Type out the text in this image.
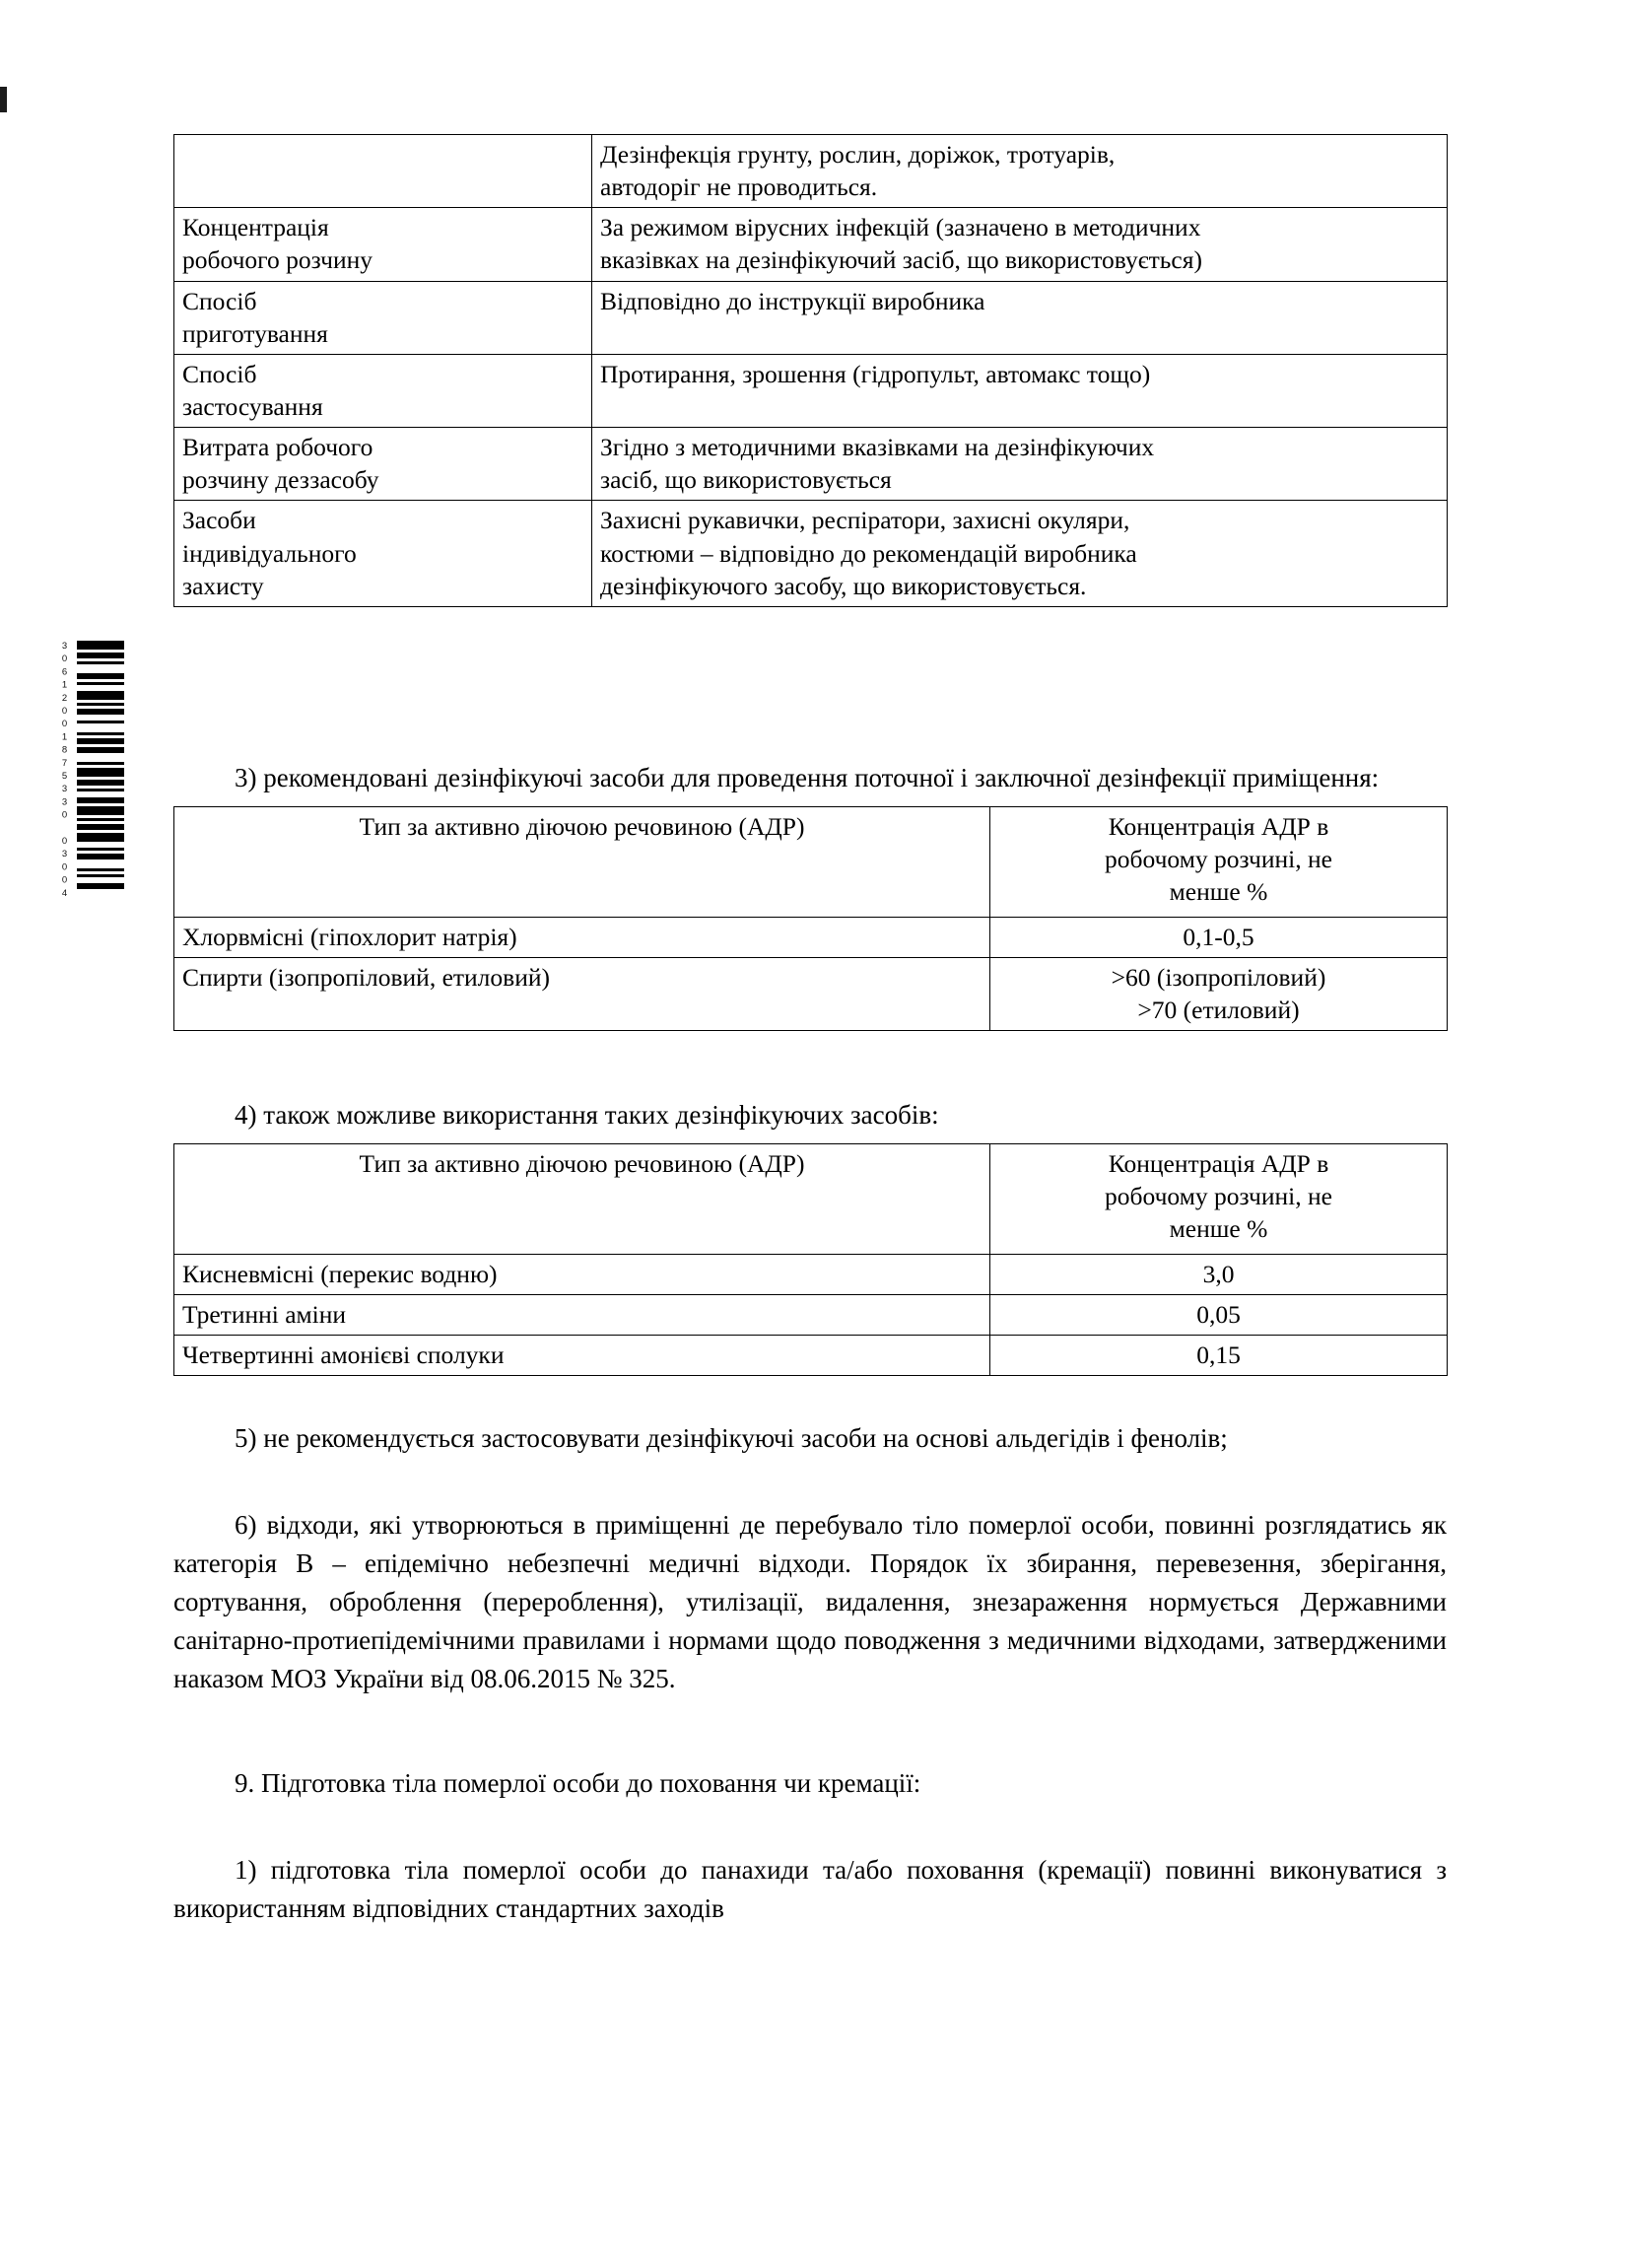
30612001875330 03004

	Дезінфекція грунту, рослин, доріжок, тротуарів,
автодоріг не проводиться.

Концентрація
робочого розчину	За режимом вірусних інфекцій (зазначено в методичних
вказівках на дезінфікуючий засіб, що використовується)

Спосіб
приготування	Відповідно до інструкції виробника

Спосіб
застосування	Протирання, зрошення (гідропульт, автомакс тощо)

Витрата робочого
розчину деззасобу	Згідно з методичними вказівками на дезінфікуючих
засіб, що використовується

Засоби
індивідуального
захисту	Захисні рукавички, респіратори, захисні окуляри,
костюми – відповідно до рекомендацій виробника
дезінфікуючого засобу, що використовується.

3) рекомендовані дезінфікуючі засоби для проведення поточної і заключної дезінфекції приміщення:

Тип за активно діючою речовиною (АДР)	Концентрація АДР в
робочому розчині, не
менше %

Хлорвмісні (гіпохлорит натрія)	0,1-0,5

Спирти (ізопропіловий, етиловий)	>60 (ізопропіловий)
>70 (етиловий)

4) також можливе використання таких дезінфікуючих засобів:

Тип за активно діючою речовиною (АДР)	Концентрація АДР в
робочому розчині, не
менше %

Кисневмісні (перекис водню)	3,0
Третинні аміни	0,05
Четвертинні амонієві сполуки	0,15

5) не рекомендується застосовувати дезінфікуючі засоби на основі альдегідів і фенолів;

6) відходи, які утворюються в приміщенні де перебувало тіло померлої особи, повинні розглядатись як категорія В – епідемічно небезпечні медичні відходи. Порядок їх збирання, перевезення, зберігання, сортування, оброблення (перероблення), утилізації, видалення, знезараження нормується Державними санітарно-протиепідемічними правилами і нормами щодо поводження з медичними відходами, затвердженими наказом МОЗ України від 08.06.2015 № 325.

9. Підготовка тіла померлої особи до поховання чи кремації:

1) підготовка тіла померлої особи до панахиди та/або поховання (кремації) повинні виконуватися з використанням відповідних стандартних заходів
